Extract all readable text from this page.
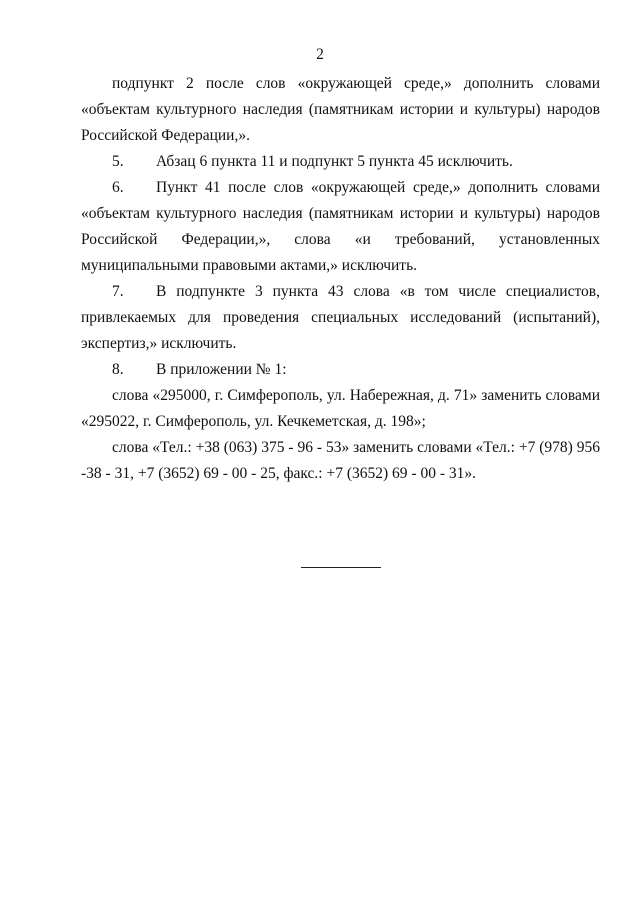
2

подпункт 2 после слов «окружающей среде,» дополнить словами «объектам культурного наследия (памятникам истории и культуры) народов Российской Федерации,».

5. Абзац 6 пункта 11 и подпункт 5 пункта 45 исключить.

6. Пункт 41 после слов «окружающей среде,» дополнить словами «объектам культурного наследия (памятникам истории и культуры) народов Российской Федерации,», слова «и требований, установленных муниципальными правовыми актами,» исключить.

7. В подпункте 3 пункта 43 слова «в том числе специалистов, привлекаемых для проведения специальных исследований (испытаний), экспертиз,» исключить.

8. В приложении № 1:

слова «295000, г. Симферополь, ул. Набережная, д. 71» заменить словами «295022, г. Симферополь, ул. Кечкеметская, д. 198»;

слова «Тел.: +38 (063) 375 - 96 - 53» заменить словами «Тел.: +7 (978) 956 -38 - 31, +7 (3652) 69 - 00 - 25, факс.: +7 (3652) 69 - 00 - 31».
